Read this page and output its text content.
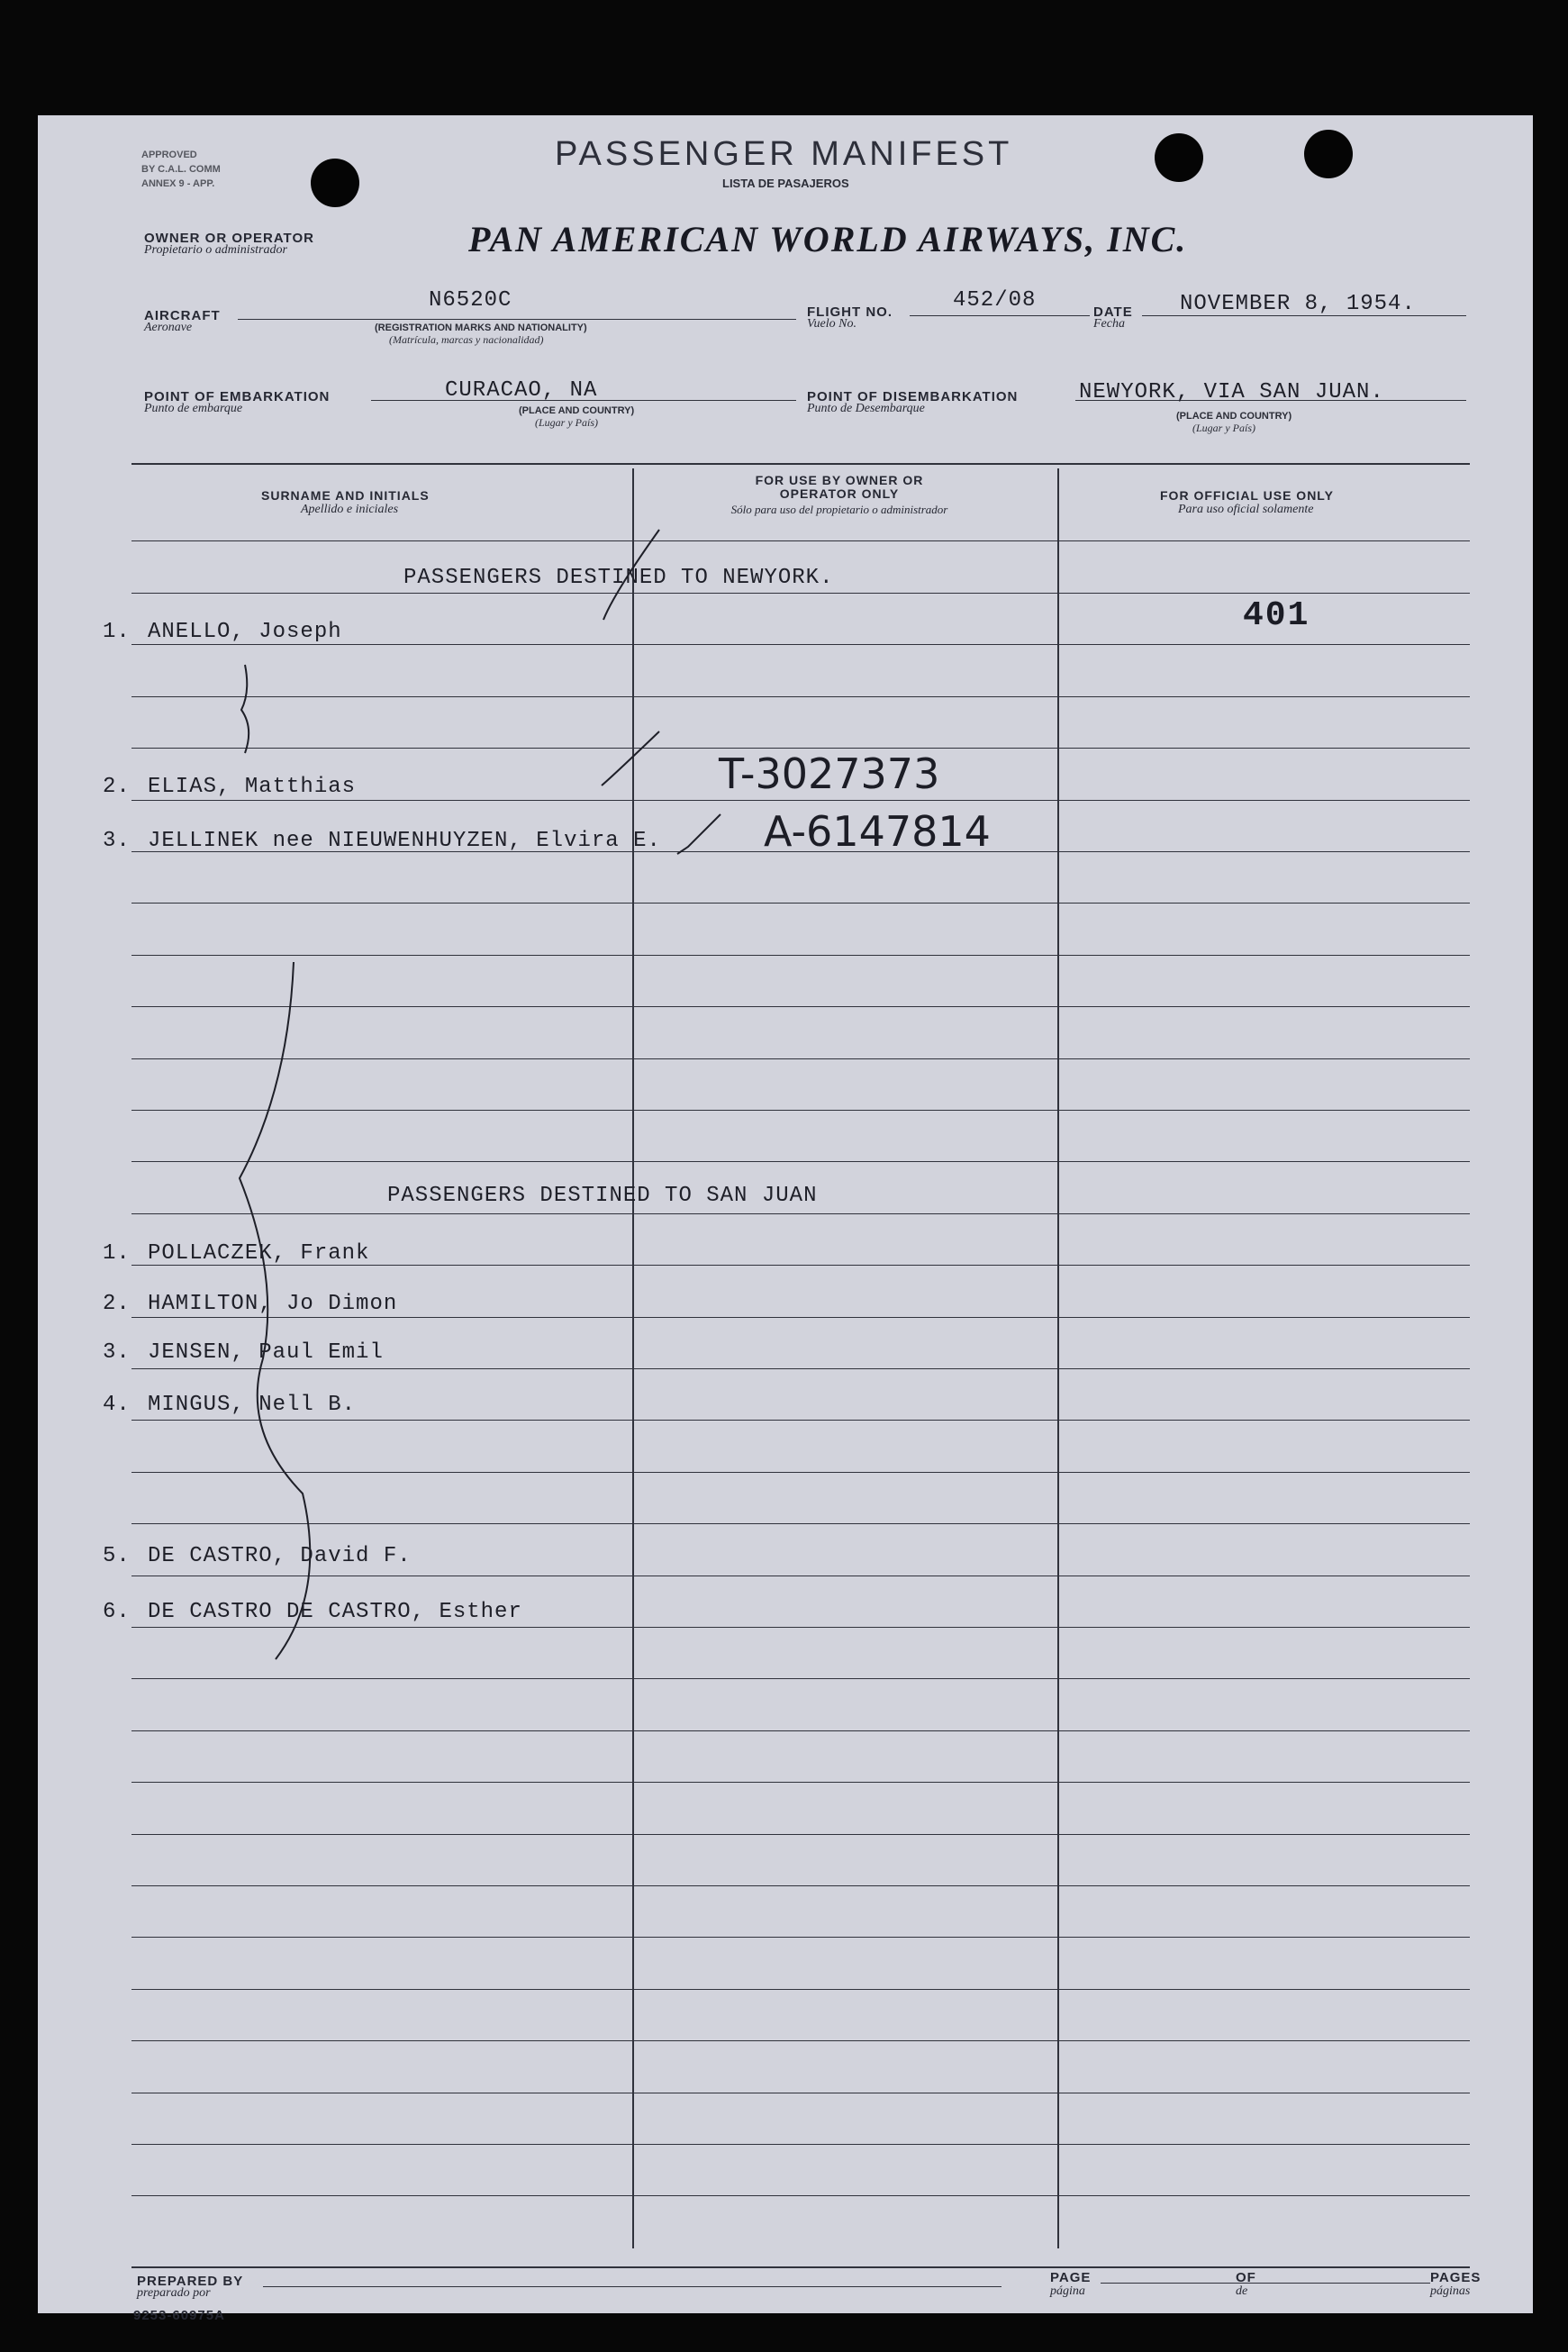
APPROVED
BY C.A.L. COMM
ANNEX 9 - APP.
PASSENGER MANIFEST
LISTA DE PASAJEROS
OWNER OR OPERATOR
Propietario o administrador	PAN AMERICAN WORLD AIRWAYS, INC.
AIRCRAFT
Aeronave
N6520C
(REGISTRATION MARKS AND NATIONALITY)
(Matrícula, marcas y nacionalidad)
FLIGHT NO.
Vuelo No.
452/08	DATE
Fecha
NOVEMBER 8, 1954.
POINT OF EMBARKATION
Punto de embarque
CURACAO, NA
(PLACE AND COUNTRY)
(Lugar y País)
POINT OF DISEMBARKATION
Punto de Desembarque
NEWYORK, VIA SAN JUAN.
(PLACE AND COUNTRY)
(Lugar y País)
SURNAME AND INITIALS
Apellido e iniciales
FOR USE BY OWNER OR OPERATOR ONLY
Sólo para uso del propietario o administrador
FOR OFFICIAL USE ONLY
Para uso oficial solamente
PASSENGERS DESTINED TO NEWYORK.
1. ANELLO, Joseph
2. ELIAS, Matthias
3. JELLINEK nee NIEUWENHUYZEN, Elvira E.
401
T-3027373
A-6147814
PASSENGERS DESTINED TO SAN JUAN
1. POLLACZEK, Frank
2. HAMILTON, Jo Dimon
3. JENSEN, Paul Emil
4. MINGUS, Nell B.
5. DE CASTRO, David F.
6. DE CASTRO DE CASTRO, Esther
PREPARED BY
preparado por
9253-60975A
PAGE
página
OF
de
PAGES
páginas
